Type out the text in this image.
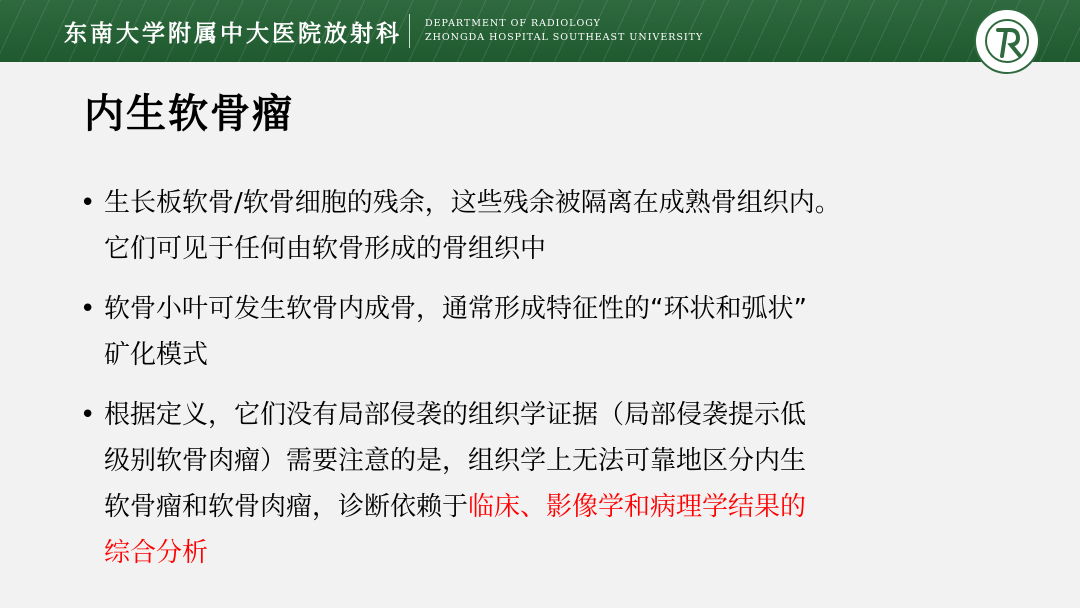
东南大学附属中大医院放射科 DEPARTMENT OF RADIOLOGY
ZHONGDA HOSPITAL SOUTHEAST UNIVERSITY
内生软骨瘤
• 生长板软骨/软骨细胞的残余，这些残余被隔离在成熟骨组织内。
它们可见于任何由软骨形成的骨组织中
• 软骨小叶可发生软骨内成骨，通常形成特征性的“环状和弧状”
矿化模式
• 根据定义，它们没有局部侵袭的组织学证据（局部侵袭提示低
级别软骨肉瘤）需要注意的是，组织学上无法可靠地区分内生
软骨瘤和软骨肉瘤，诊断依赖于临床、影像学和病理学结果的
综合分析
